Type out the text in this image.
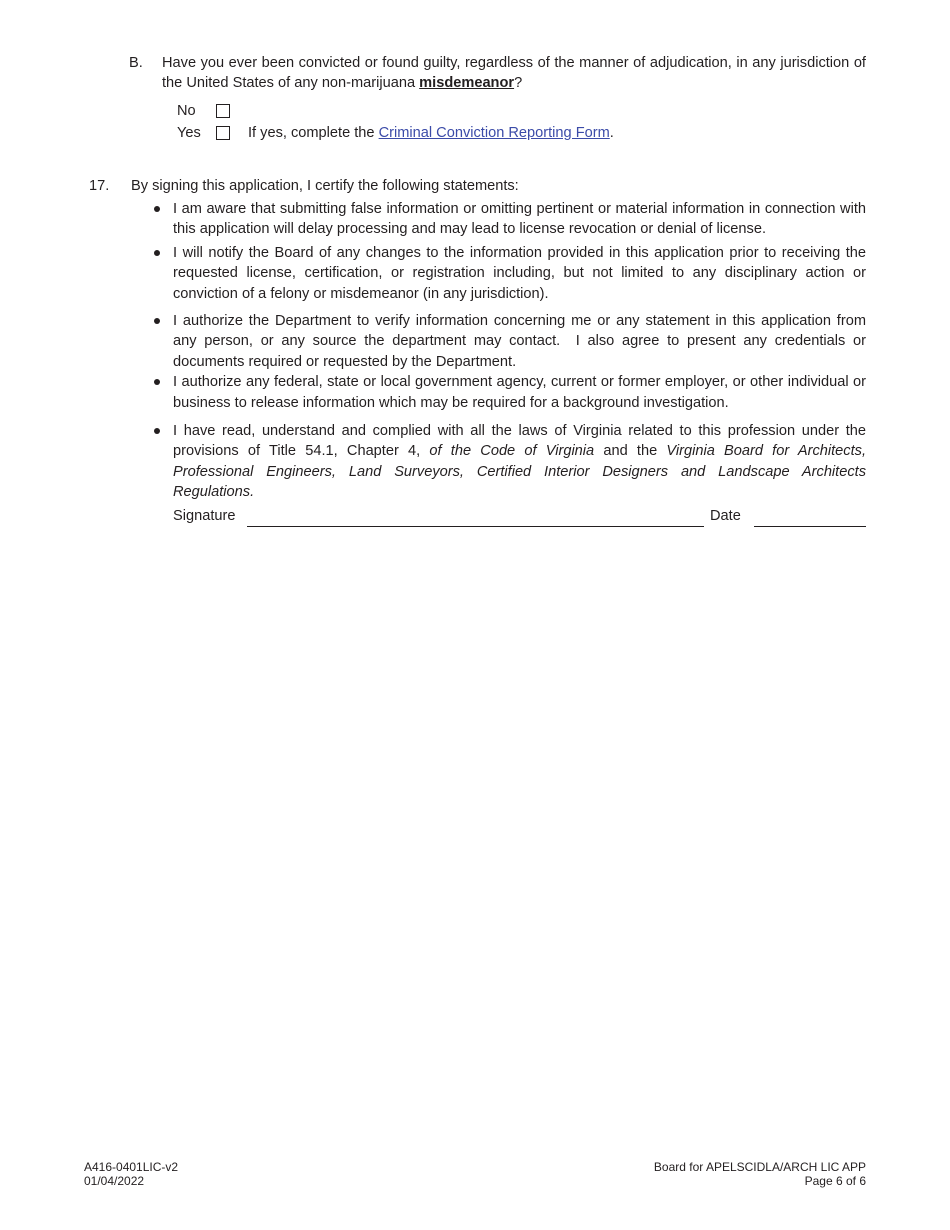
B. Have you ever been convicted or found guilty, regardless of the manner of adjudication, in any jurisdiction of the United States of any non-marijuana misdemeanor?
No
Yes	If yes, complete the Criminal Conviction Reporting Form.
17. By signing this application, I certify the following statements:
I am aware that submitting false information or omitting pertinent or material information in connection with this application will delay processing and may lead to license revocation or denial of license.
I will notify the Board of any changes to the information provided in this application prior to receiving the requested license, certification, or registration including, but not limited to any disciplinary action or conviction of a felony or misdemeanor (in any jurisdiction).
I authorize the Department to verify information concerning me or any statement in this application from any person, or any source the department may contact.  I also agree to present any credentials or documents required or requested by the Department.
I authorize any federal, state or local government agency, current or former employer, or other individual or business to release information which may be required for a background investigation.
I have read, understand and complied with all the laws of Virginia related to this profession under the provisions of Title 54.1, Chapter 4, of the Code of Virginia and the Virginia Board for Architects, Professional Engineers, Land Surveyors, Certified Interior Designers and Landscape Architects Regulations.
Signature	Date
A416-0401LIC-v2
01/04/2022
Board for APELSCIDLA/ARCH LIC APP
Page 6 of 6
